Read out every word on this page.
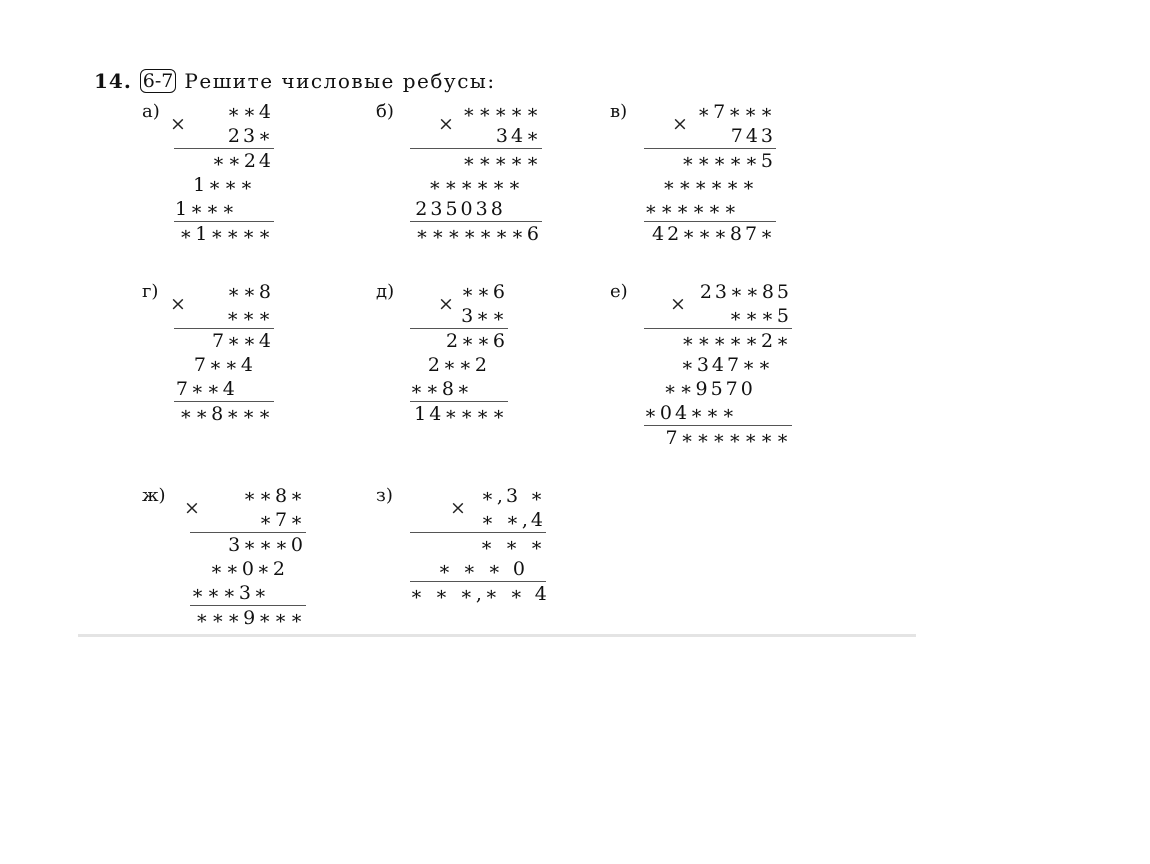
14. 6-7 Решите числовые ребусы:
а)
×
∗∗4
23∗
∗∗24
1∗∗∗
1∗∗∗
∗1∗∗∗∗
б)
×
∗∗∗∗∗
34∗
∗∗∗∗∗
∗∗∗∗∗∗
235038
∗∗∗∗∗∗∗6
в)
×
∗7∗∗∗
743
∗∗∗∗∗5
∗∗∗∗∗∗
∗∗∗∗∗∗
42∗∗∗87∗
г)
×
∗∗8
∗∗∗
7∗∗4
7∗∗4
7∗∗4
∗∗8∗∗∗
д)
×
∗∗6
3∗∗
2∗∗6
2∗∗2
∗∗8∗
14∗∗∗∗
е)
×
23∗∗85
∗∗∗5
∗∗∗∗∗2∗
∗347∗∗
∗∗9570
∗04∗∗∗
7∗∗∗∗∗∗∗
ж)
×
∗∗8∗
∗7∗
3∗∗∗0
∗∗0∗2
∗∗∗3∗
∗∗∗9∗∗∗
з)
×
∗,3 ∗
∗ ∗,4
∗ ∗ ∗
∗ ∗ ∗ 0
∗ ∗ ∗,∗ ∗ 4
